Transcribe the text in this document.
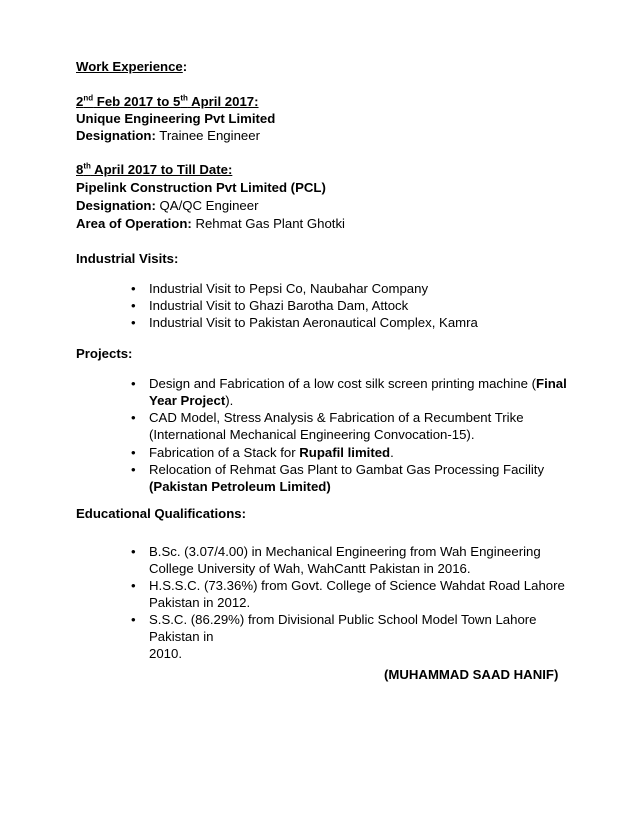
Work Experience:
2nd Feb 2017 to 5th April 2017:
Unique Engineering Pvt Limited
Designation: Trainee Engineer
8th April 2017 to Till Date:
Pipelink Construction Pvt Limited (PCL)
Designation: QA/QC Engineer
Area of Operation: Rehmat Gas Plant Ghotki
Industrial Visits:
• Industrial Visit to Pepsi Co, Naubahar Company
• Industrial Visit to Ghazi Barotha Dam, Attock
• Industrial Visit to Pakistan Aeronautical Complex, Kamra
Projects:
• Design and Fabrication of a low cost silk screen printing machine (Final
Year Project).
• CAD Model, Stress Analysis & Fabrication of a Recumbent Trike
(International Mechanical Engineering Convocation-15).
• Fabrication of a Stack for Rupafil limited.
• Relocation of Rehmat Gas Plant to Gambat Gas Processing Facility
(Pakistan Petroleum Limited)
Educational Qualifications:
• B.Sc. (3.07/4.00) in Mechanical Engineering from Wah Engineering
College University of Wah, WahCantt Pakistan in 2016.
• H.S.S.C. (73.36%) from Govt. College of Science Wahdat Road Lahore
Pakistan in 2012.
• S.S.C. (86.29%) from Divisional Public School Model Town Lahore
Pakistan in
2010.
(MUHAMMAD SAAD HANIF)
